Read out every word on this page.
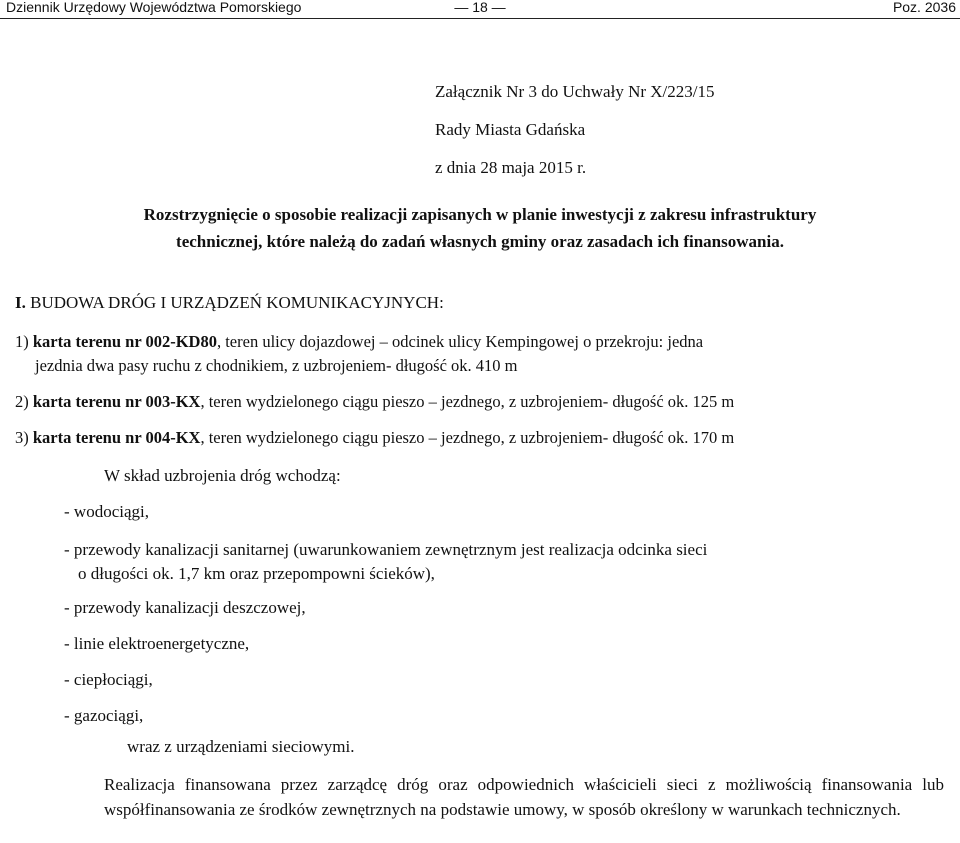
Dziennik Urzędowy Województwa Pomorskiego	— 18 —	Poz. 2036
Załącznik Nr 3 do Uchwały Nr X/223/15
Rady Miasta Gdańska
z dnia 28 maja 2015 r.
Rozstrzygnięcie o sposobie realizacji zapisanych w planie inwestycji z zakresu infrastruktury
technicznej, które należą do zadań własnych gminy oraz zasadach ich finansowania.
I. BUDOWA DRÓG I URZĄDZEŃ KOMUNIKACYJNYCH:
1) karta terenu nr 002-KD80, teren ulicy dojazdowej – odcinek ulicy Kempingowej o przekroju: jedna
jezdnia dwa pasy ruchu z chodnikiem, z uzbrojeniem- długość ok. 410 m
2) karta terenu nr 003-KX, teren wydzielonego ciągu pieszo – jezdnego, z uzbrojeniem- długość ok. 125 m
3) karta terenu nr 004-KX, teren wydzielonego ciągu pieszo – jezdnego, z uzbrojeniem- długość ok. 170 m
W skład uzbrojenia dróg wchodzą:
- wodociągi,
- przewody kanalizacji sanitarnej (uwarunkowaniem zewnętrznym jest realizacja odcinka sieci
o długości ok. 1,7 km oraz przepompowni ścieków),
- przewody kanalizacji deszczowej,
- linie elektroenergetyczne,
- ciepłociągi,
- gazociągi,
wraz z urządzeniami sieciowymi.
Realizacja finansowana przez zarządcę dróg oraz odpowiednich właścicieli sieci z możliwością finansowania lub współfinansowania ze środków zewnętrznych na podstawie umowy, w sposób określony w warunkach technicznych.
